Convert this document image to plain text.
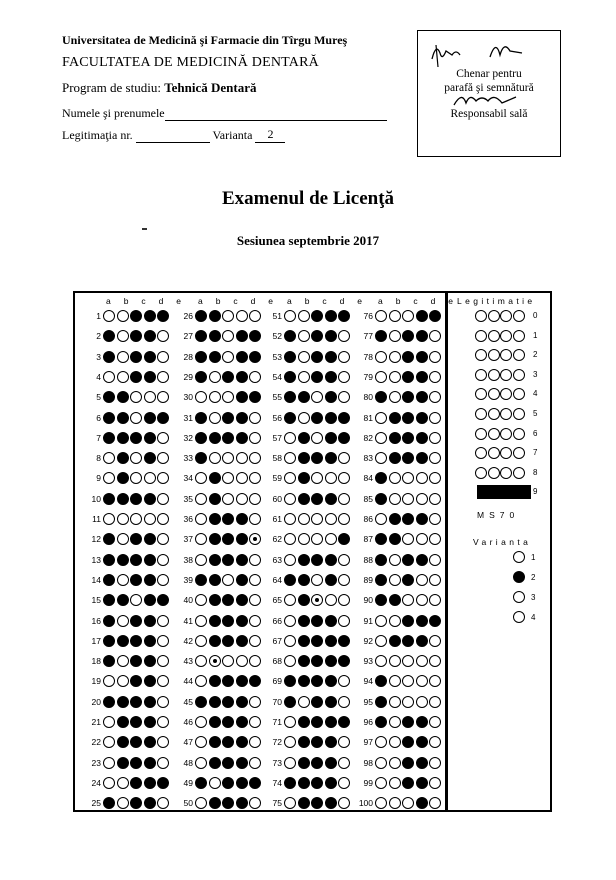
Universitatea de Medicină şi Farmacie din Tîrgu Mureş
FACULTATEA DE MEDICINĂ DENTARĂ
Program de studiu: Tehnică Dentară
Numele şi prenumele
Legitimaţia nr.	Varianta 2
Chenar pentru
parafă şi semnătură
Responsabil sală
Examenul de Licenţă
Sesiunea septembrie 2017
a b c d e
1
2
3
4
5
6
7
8
9
10
11
12
13
14
15
16
17
18
19
20
21
22
23
24
25
a b c d e
26
27
28
29
30
31
32
33
34
35
36
37
38
39
40
41
42
43
44
45
46
47
48
49
50
a b c d e
51
52
53
54
55
56
57
58
59
60
61
62
63
64
65
66
67
68
69
70
71
72
73
74
75
a b c d e
76
77
78
79
80
81
82
83
84
85
86
87
88
89
90
91
92
93
94
95
96
97
98
99
100
Legitimatie
0
1
2
3
4
5
6
7
8
9
MS70
Varianta
1
2
3
4
